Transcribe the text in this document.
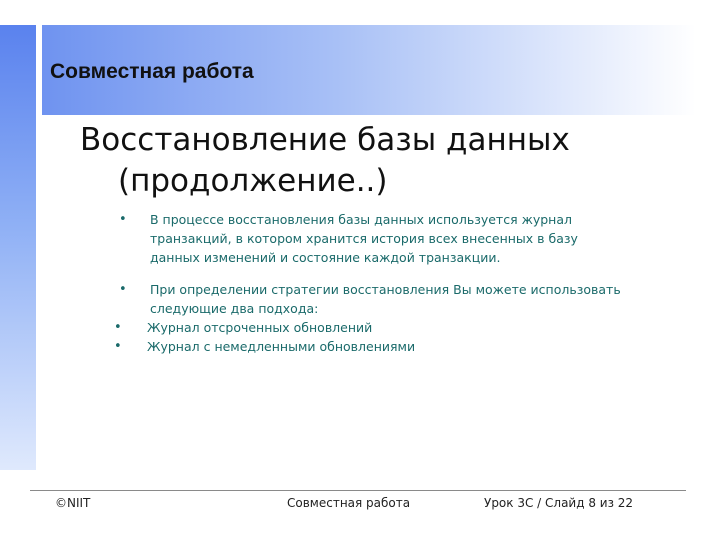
Совместная работа
Восстановление базы данных
(продолжение..)
• В процессе восстановления базы данных используется журнал
транзакций, в котором хранится история всех внесенных в базу
данных изменений и состояние каждой транзакции.
• При определении стратегии восстановления Вы можете использовать
следующие два подхода:
• Журнал отсроченных обновлений
• Журнал с немедленными обновлениями
©NIIT	Совместная работа	Урок 3С / Слайд 8 из 22
